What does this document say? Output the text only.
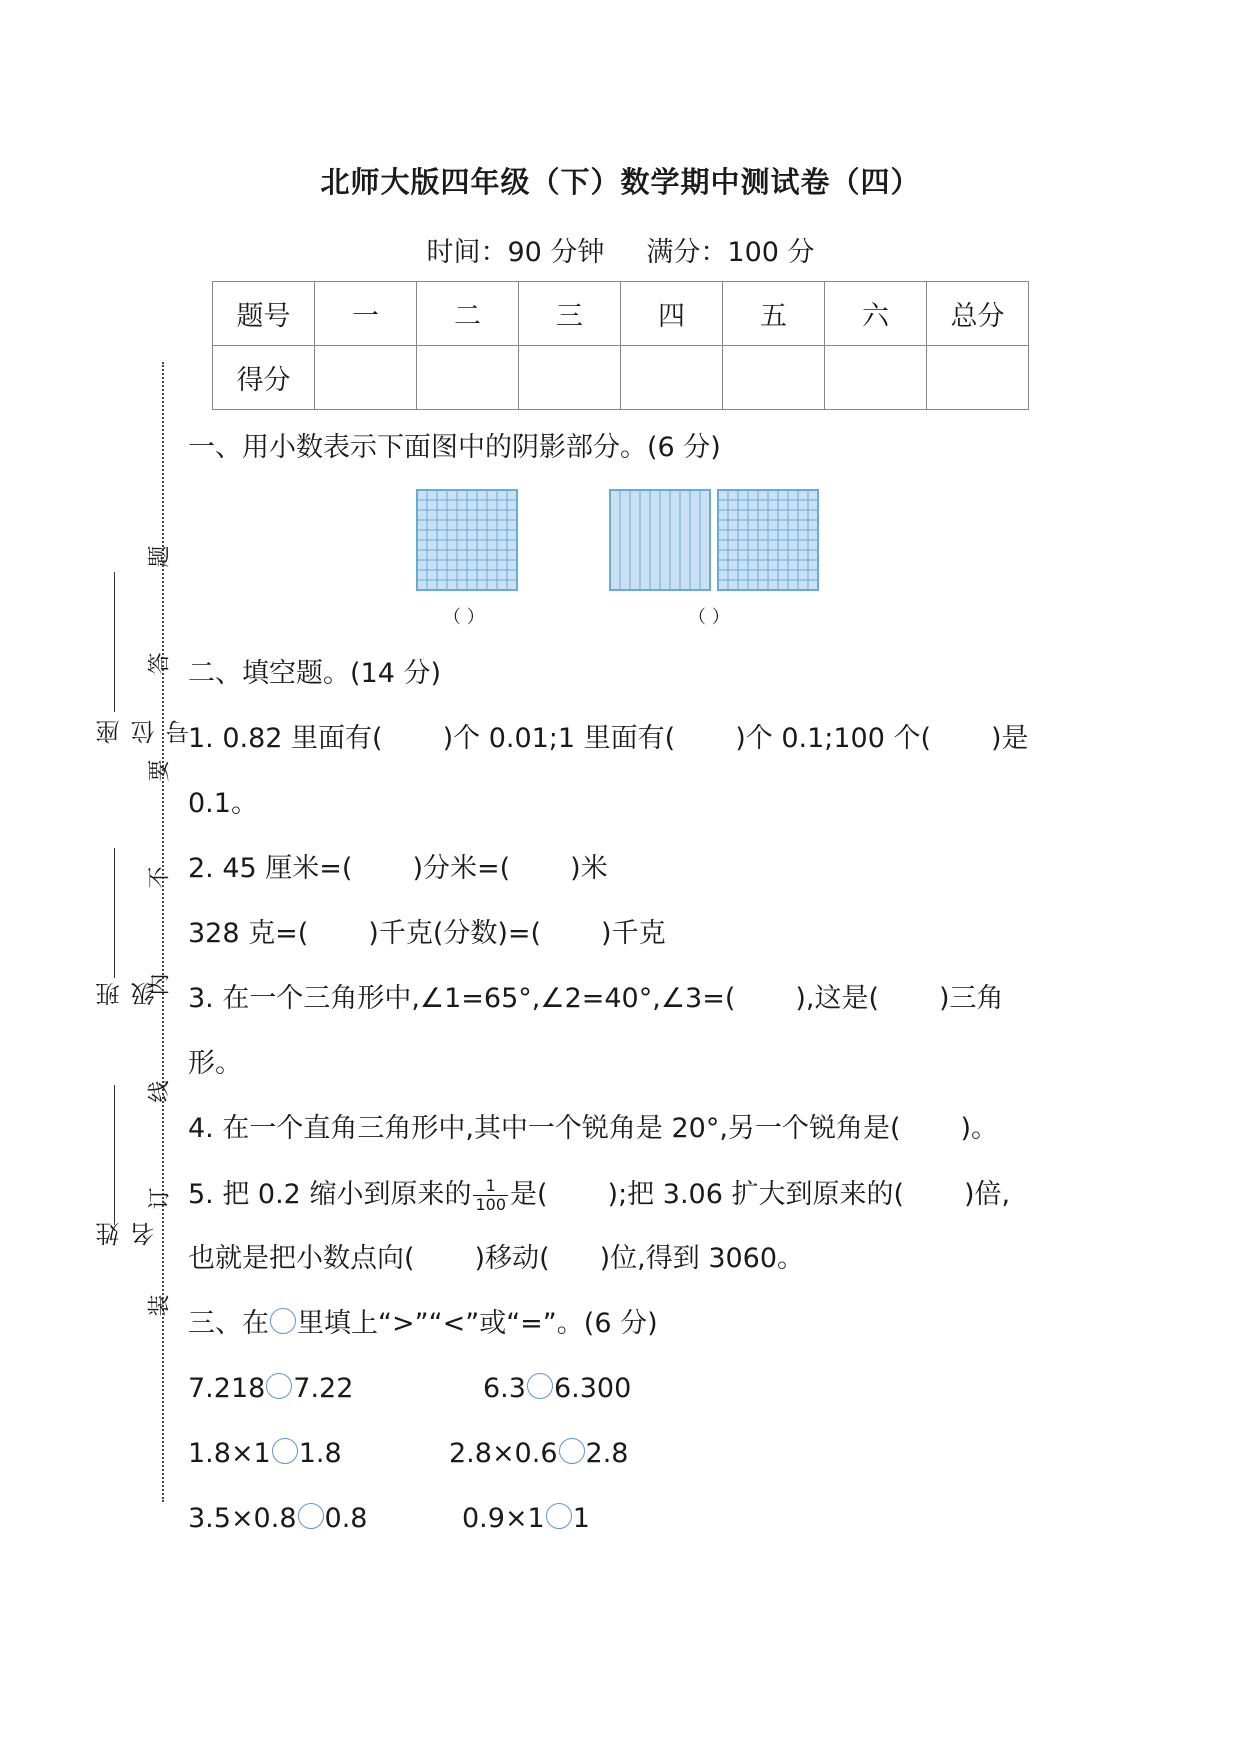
北师大版四年级（下）数学期中测试卷（四）
时间：90 分钟 满分：100 分
题号	一	二	三	四	五	六	总分
得分							
姓名
班级
座位号
装
订
线
内
不
要
答
题
一、用小数表示下面图中的阴影部分。(6 分)
（ ）	（ ）
二、填空题。(14 分)
1. 0.82 里面有( )个 0.01;1 里面有( )个 0.1;100 个( )是
0.1。
2. 45 厘米=( )分米=( )米
328 克=( )千克(分数)=( )千克
3. 在一个三角形中,∠1=65°,∠2=40°,∠3=( ),这是( )三角
形。
4. 在一个直角三角形中,其中一个锐角是 20°,另一个锐角是( )。
5. 把 0.2 缩小到原来的 $\frac{1}{100}$ 是( );把 3.06 扩大到原来的( )倍,
也就是把小数点向( )移动( )位,得到 3060。
三、在 里填上“>”“<”或“=”。(6 分)
7.218 7.22	6.3 6.300
1.8×1 1.8	2.8×0.6 2.8
3.5×0.8 0.8	0.9×1 1
